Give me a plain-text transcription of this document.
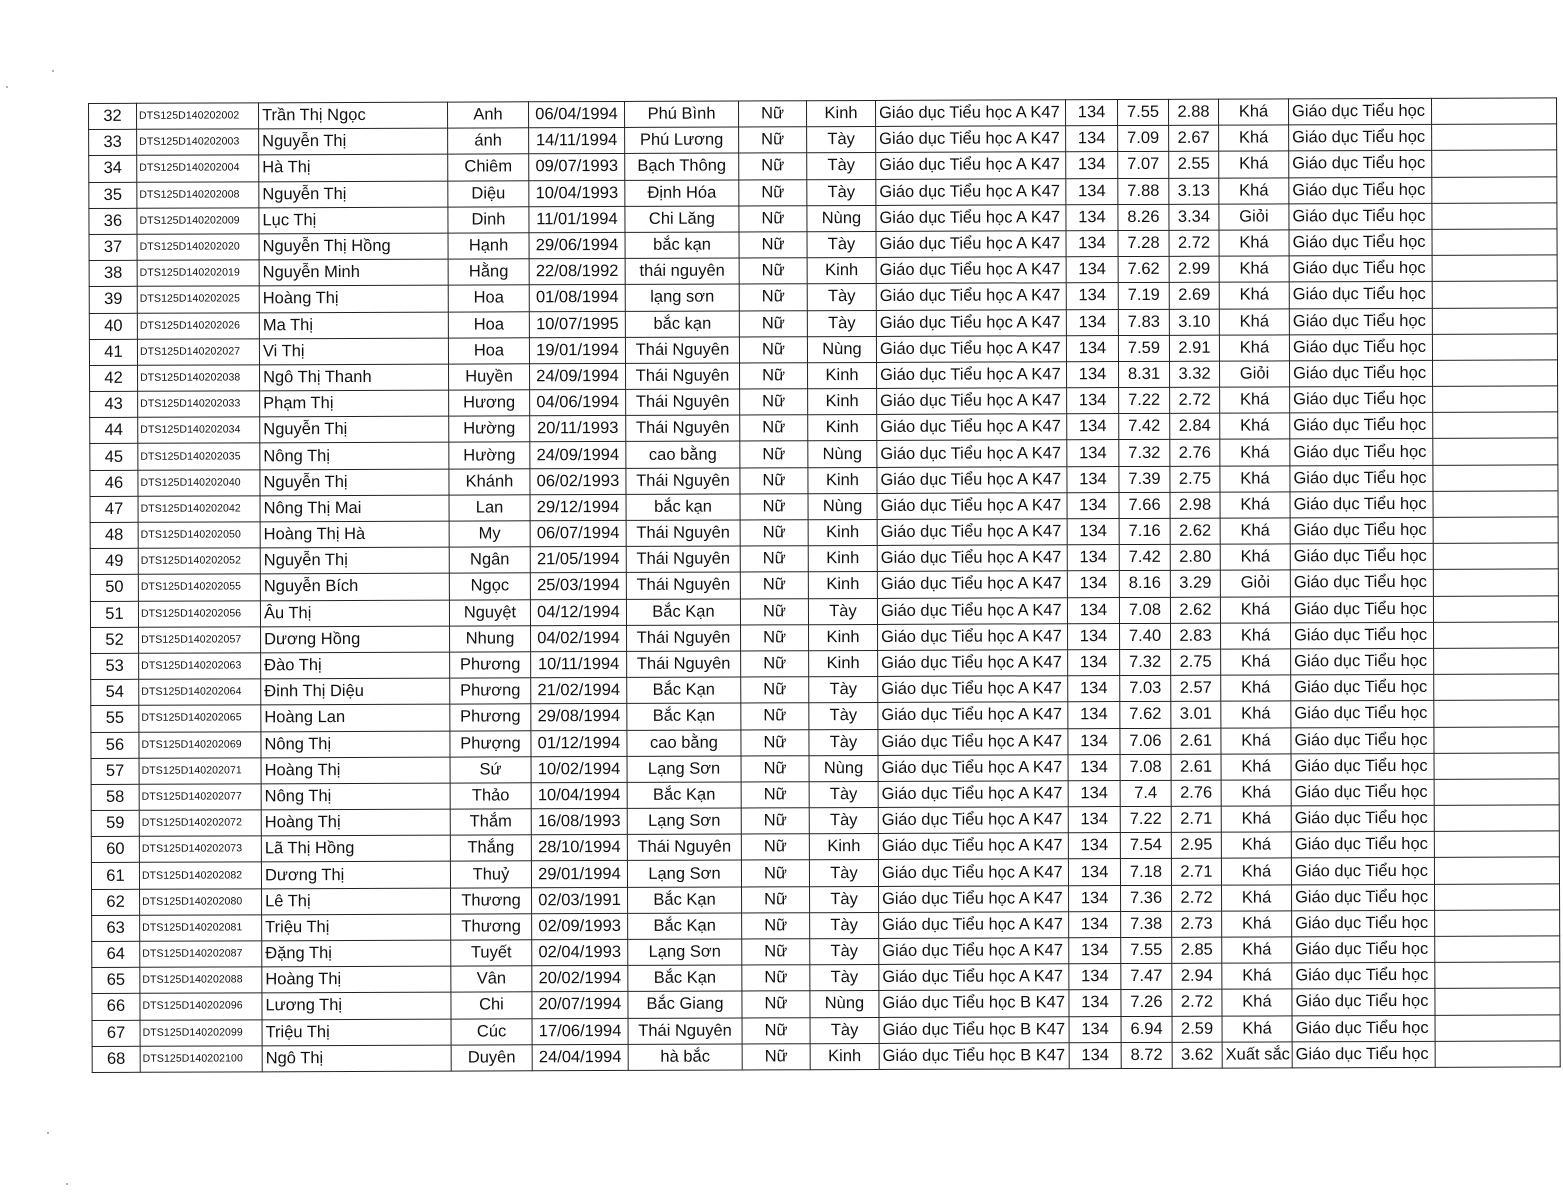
32	DTS125D140202002	Trần Thị Ngọc	Anh	06/04/1994	Phú Bình	Nữ	Kinh	Giáo dục Tiểu học A K47	134	7.55	2.88	Khá	Giáo dục Tiểu học	
33	DTS125D140202003	Nguyễn Thị	ánh	14/11/1994	Phú Lương	Nữ	Tày	Giáo dục Tiểu học A K47	134	7.09	2.67	Khá	Giáo dục Tiểu học	
34	DTS125D140202004	Hà Thị	Chiêm	09/07/1993	Bạch Thông	Nữ	Tày	Giáo dục Tiểu học A K47	134	7.07	2.55	Khá	Giáo dục Tiểu học	
35	DTS125D140202008	Nguyễn Thị	Diệu	10/04/1993	Định Hóa	Nữ	Tày	Giáo dục Tiểu học A K47	134	7.88	3.13	Khá	Giáo dục Tiểu học	
36	DTS125D140202009	Lục Thị	Dinh	11/01/1994	Chi Lăng	Nữ	Nùng	Giáo dục Tiểu học A K47	134	8.26	3.34	Giỏi	Giáo dục Tiểu học	
37	DTS125D140202020	Nguyễn Thị Hồng	Hạnh	29/06/1994	bắc kạn	Nữ	Tày	Giáo dục Tiểu học A K47	134	7.28	2.72	Khá	Giáo dục Tiểu học	
38	DTS125D140202019	Nguyễn Minh	Hằng	22/08/1992	thái nguyên	Nữ	Kinh	Giáo dục Tiểu học A K47	134	7.62	2.99	Khá	Giáo dục Tiểu học	
39	DTS125D140202025	Hoàng Thị	Hoa	01/08/1994	lạng sơn	Nữ	Tày	Giáo dục Tiểu học A K47	134	7.19	2.69	Khá	Giáo dục Tiểu học	
40	DTS125D140202026	Ma Thị	Hoa	10/07/1995	bắc kạn	Nữ	Tày	Giáo dục Tiểu học A K47	134	7.83	3.10	Khá	Giáo dục Tiểu học	
41	DTS125D140202027	Vi Thị	Hoa	19/01/1994	Thái Nguyên	Nữ	Nùng	Giáo dục Tiểu học A K47	134	7.59	2.91	Khá	Giáo dục Tiểu học	
42	DTS125D140202038	Ngô Thị Thanh	Huyền	24/09/1994	Thái Nguyên	Nữ	Kinh	Giáo dục Tiểu học A K47	134	8.31	3.32	Giỏi	Giáo dục Tiểu học	
43	DTS125D140202033	Phạm Thị	Hương	04/06/1994	Thái Nguyên	Nữ	Kinh	Giáo dục Tiểu học A K47	134	7.22	2.72	Khá	Giáo dục Tiểu học	
44	DTS125D140202034	Nguyễn Thị	Hường	20/11/1993	Thái Nguyên	Nữ	Kinh	Giáo dục Tiểu học A K47	134	7.42	2.84	Khá	Giáo dục Tiểu học	
45	DTS125D140202035	Nông Thị	Hường	24/09/1994	cao bằng	Nữ	Nùng	Giáo dục Tiểu học A K47	134	7.32	2.76	Khá	Giáo dục Tiểu học	
46	DTS125D140202040	Nguyễn Thị	Khánh	06/02/1993	Thái Nguyên	Nữ	Kinh	Giáo dục Tiểu học A K47	134	7.39	2.75	Khá	Giáo dục Tiểu học	
47	DTS125D140202042	Nông Thị Mai	Lan	29/12/1994	bắc kạn	Nữ	Nùng	Giáo dục Tiểu học A K47	134	7.66	2.98	Khá	Giáo dục Tiểu học	
48	DTS125D140202050	Hoàng Thị Hà	My	06/07/1994	Thái Nguyên	Nữ	Kinh	Giáo dục Tiểu học A K47	134	7.16	2.62	Khá	Giáo dục Tiểu học	
49	DTS125D140202052	Nguyễn Thị	Ngân	21/05/1994	Thái Nguyên	Nữ	Kinh	Giáo dục Tiểu học A K47	134	7.42	2.80	Khá	Giáo dục Tiểu học	
50	DTS125D140202055	Nguyễn Bích	Ngọc	25/03/1994	Thái Nguyên	Nữ	Kinh	Giáo dục Tiểu học A K47	134	8.16	3.29	Giỏi	Giáo dục Tiểu học	
51	DTS125D140202056	Âu Thị	Nguyệt	04/12/1994	Bắc Kạn	Nữ	Tày	Giáo dục Tiểu học A K47	134	7.08	2.62	Khá	Giáo dục Tiểu học	
52	DTS125D140202057	Dương Hồng	Nhung	04/02/1994	Thái Nguyên	Nữ	Kinh	Giáo dục Tiểu học A K47	134	7.40	2.83	Khá	Giáo dục Tiểu học	
53	DTS125D140202063	Đào Thị	Phương	10/11/1994	Thái Nguyên	Nữ	Kinh	Giáo dục Tiểu học A K47	134	7.32	2.75	Khá	Giáo dục Tiểu học	
54	DTS125D140202064	Đinh Thị Diệu	Phương	21/02/1994	Bắc Kạn	Nữ	Tày	Giáo dục Tiểu học A K47	134	7.03	2.57	Khá	Giáo dục Tiểu học	
55	DTS125D140202065	Hoàng Lan	Phương	29/08/1994	Bắc Kạn	Nữ	Tày	Giáo dục Tiểu học A K47	134	7.62	3.01	Khá	Giáo dục Tiểu học	
56	DTS125D140202069	Nông Thị	Phượng	01/12/1994	cao bằng	Nữ	Tày	Giáo dục Tiểu học A K47	134	7.06	2.61	Khá	Giáo dục Tiểu học	
57	DTS125D140202071	Hoàng Thị	Sứ	10/02/1994	Lạng Sơn	Nữ	Nùng	Giáo dục Tiểu học A K47	134	7.08	2.61	Khá	Giáo dục Tiểu học	
58	DTS125D140202077	Nông Thị	Thảo	10/04/1994	Bắc Kạn	Nữ	Tày	Giáo dục Tiểu học A K47	134	7.4	2.76	Khá	Giáo dục Tiểu học	
59	DTS125D140202072	Hoàng Thị	Thắm	16/08/1993	Lạng Sơn	Nữ	Tày	Giáo dục Tiểu học A K47	134	7.22	2.71	Khá	Giáo dục Tiểu học	
60	DTS125D140202073	Lã Thị Hồng	Thắng	28/10/1994	Thái Nguyên	Nữ	Kinh	Giáo dục Tiểu học A K47	134	7.54	2.95	Khá	Giáo dục Tiểu học	
61	DTS125D140202082	Dương Thị	Thuỷ	29/01/1994	Lạng Sơn	Nữ	Tày	Giáo dục Tiểu học A K47	134	7.18	2.71	Khá	Giáo dục Tiểu học	
62	DTS125D140202080	Lê Thị	Thương	02/03/1991	Bắc Kạn	Nữ	Tày	Giáo dục Tiểu học A K47	134	7.36	2.72	Khá	Giáo dục Tiểu học	
63	DTS125D140202081	Triệu Thị	Thương	02/09/1993	Bắc Kạn	Nữ	Tày	Giáo dục Tiểu học A K47	134	7.38	2.73	Khá	Giáo dục Tiểu học	
64	DTS125D140202087	Đặng Thị	Tuyết	02/04/1993	Lạng Sơn	Nữ	Tày	Giáo dục Tiểu học A K47	134	7.55	2.85	Khá	Giáo dục Tiểu học	
65	DTS125D140202088	Hoàng Thị	Vân	20/02/1994	Bắc Kạn	Nữ	Tày	Giáo dục Tiểu học A K47	134	7.47	2.94	Khá	Giáo dục Tiểu học	
66	DTS125D140202096	Lương Thị	Chi	20/07/1994	Bắc Giang	Nữ	Nùng	Giáo dục Tiểu học B K47	134	7.26	2.72	Khá	Giáo dục Tiểu học	
67	DTS125D140202099	Triệu Thị	Cúc	17/06/1994	Thái Nguyên	Nữ	Tày	Giáo dục Tiểu học B K47	134	6.94	2.59	Khá	Giáo dục Tiểu học	
68	DTS125D140202100	Ngô Thị	Duyên	24/04/1994	hà bắc	Nữ	Kinh	Giáo dục Tiểu học B K47	134	8.72	3.62	Xuất sắc	Giáo dục Tiểu học	
